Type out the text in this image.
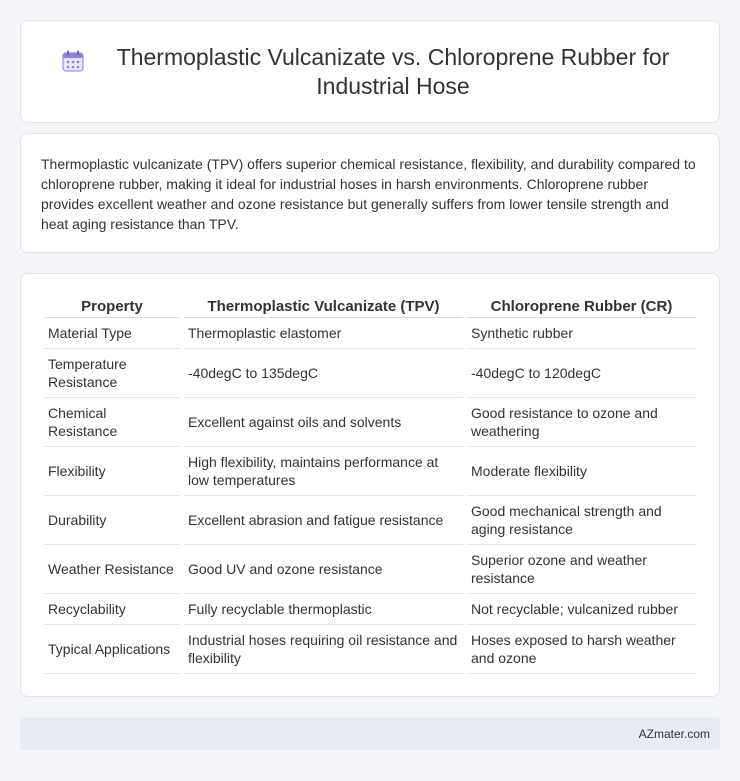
Thermoplastic Vulcanizate vs. Chloroprene Rubber for Industrial Hose

Thermoplastic vulcanizate (TPV) offers superior chemical resistance, flexibility, and durability compared to chloroprene rubber, making it ideal for industrial hoses in harsh environments. Chloroprene rubber provides excellent weather and ozone resistance but generally suffers from lower tensile strength and heat aging resistance than TPV.

Property	Thermoplastic Vulcanizate (TPV)	Chloroprene Rubber (CR)
Material Type	Thermoplastic elastomer	Synthetic rubber
Temperature Resistance	-40degC to 135degC	-40degC to 120degC
Chemical Resistance	Excellent against oils and solvents	Good resistance to ozone and weathering
Flexibility	High flexibility, maintains performance at low temperatures	Moderate flexibility
Durability	Excellent abrasion and fatigue resistance	Good mechanical strength and aging resistance
Weather Resistance	Good UV and ozone resistance	Superior ozone and weather resistance
Recyclability	Fully recyclable thermoplastic	Not recyclable; vulcanized rubber
Typical Applications	Industrial hoses requiring oil resistance and flexibility	Hoses exposed to harsh weather and ozone
AZmater.com
